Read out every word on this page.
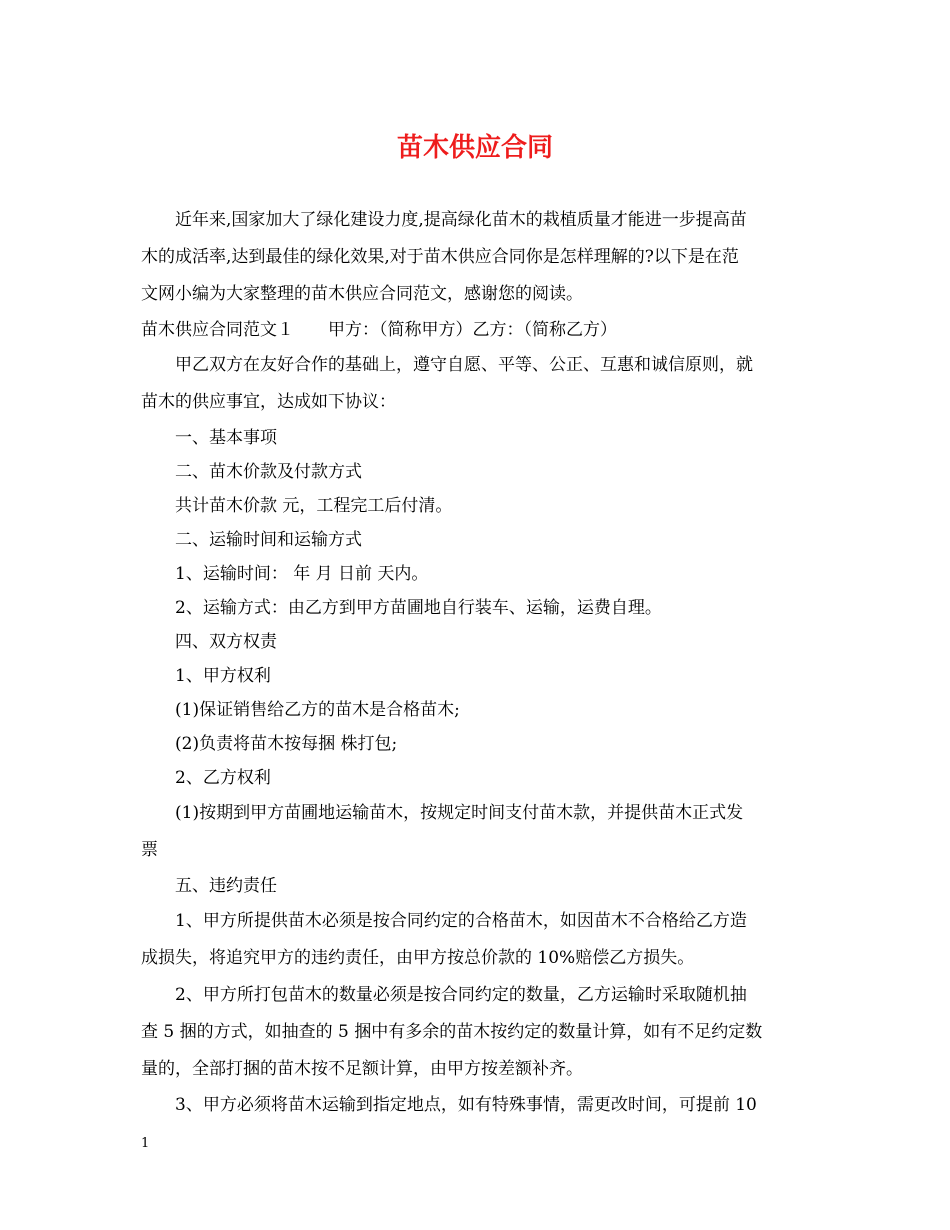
苗木供应合同

近年来,国家加大了绿化建设力度,提高绿化苗木的栽植质量才能进一步提高苗
木的成活率,达到最佳的绿化效果,对于苗木供应合同你是怎样理解的?以下是在范
文网小编为大家整理的苗木供应合同范文，感谢您的阅读。

苗木供应合同范文１　　甲方：（简称甲方）乙方：（简称乙方）

甲乙双方在友好合作的基础上，遵守自愿、平等、公正、互惠和诚信原则，就
苗木的供应事宜，达成如下协议：

一、基本事项

二、苗木价款及付款方式

共计苗木价款 元，工程完工后付清。

二、运输时间和运输方式

1、运输时间： 年 月 日前 天内。

2、运输方式：由乙方到甲方苗圃地自行装车、运输，运费自理。

四、双方权责

1、甲方权利

(1)保证销售给乙方的苗木是合格苗木;

(2)负责将苗木按每捆 株打包;

2、乙方权利

(1)按期到甲方苗圃地运输苗木，按规定时间支付苗木款，并提供苗木正式发
票

五、违约责任

1、甲方所提供苗木必须是按合同约定的合格苗木，如因苗木不合格给乙方造
成损失，将追究甲方的违约责任，由甲方按总价款的 10%赔偿乙方损失。

2、甲方所打包苗木的数量必须是按合同约定的数量，乙方运输时采取随机抽
查 5 捆的方式，如抽查的 5 捆中有多余的苗木按约定的数量计算，如有不足约定数
量的，全部打捆的苗木按不足额计算，由甲方按差额补齐。

3、甲方必须将苗木运输到指定地点，如有特殊事情，需更改时间，可提前 10

1
